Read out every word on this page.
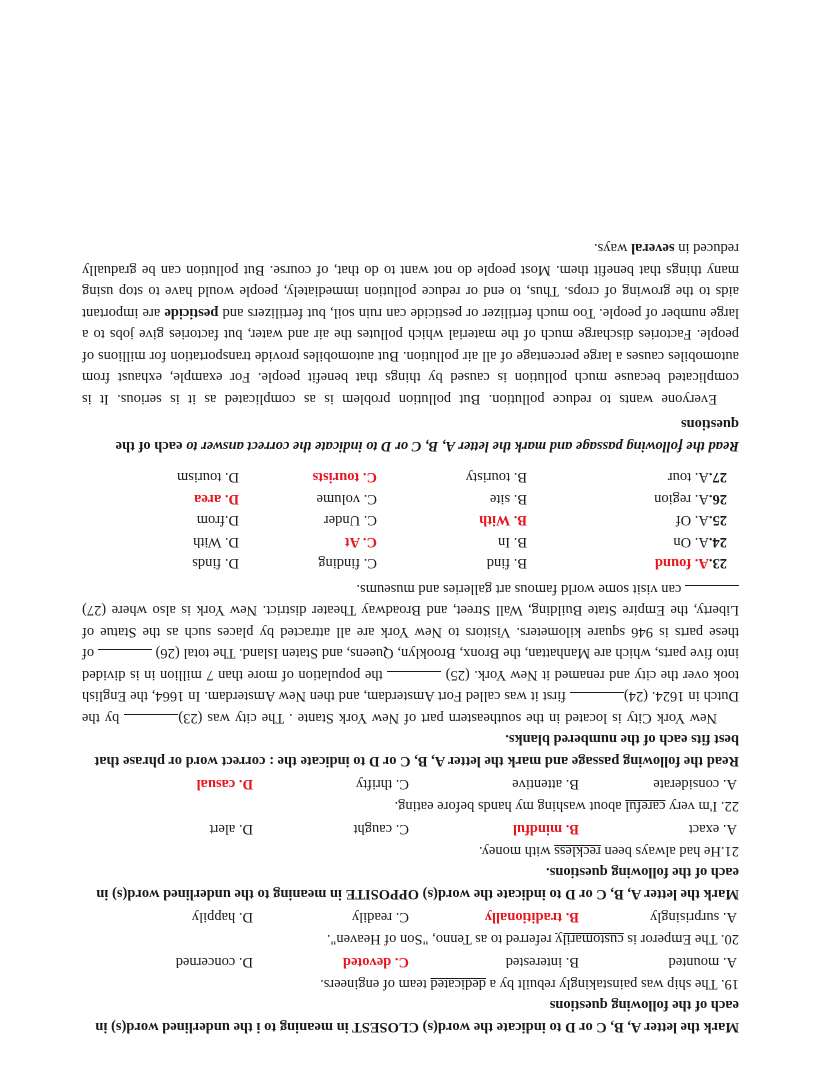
Mark the letter A, B, C or D to indicate the word(s) CLOSEST in meaning to i the underlined word(s) in each of the following questions

19. The ship was painstakingly rebuilt by a dedicated team of engineers.

A. mounted
B. interested
C. devoted
D. concerned

20. The Emperor is customarily referred to as Tenno, "Son of Heaven".

A. surprisingly
B. traditionally
C. readily
D. happily
Mark the letter A, B, C or D to indicate the word(s) OPPOSITE in meaning to the underlined word(s) in each of the following questions.

21.He had always been reckless with money.

A. exact
B. mindful
C. caught
D. alert

22. I'm very careful about washing my hands before eating.

A. considerate
B. attentive
C. thrifty
D. casual
Read the following passage and mark the letter A, B, C or D to indicate the : correct word or phrase that best fits each of the numbered blanks.

New York City is located in the southeastern part of New York Stante . The city was (23) by the Dutch in 1624. (24) first it was called Fort Amsterdam, and then New Amsterdam. In 1664, the English took over the city and renamed it New York. (25)  the population of more than 7 million in is divided into five parts, which are Manhattan, the Bronx, Brooklyn, Queens, and Staten Island. The total (26)  of these parts is 946 square kilometers. Visitors to New York are all attracted by places such as the Statue of Liberty, the Empire State Building, Wall Street, and Broadway Theater district. New York is also where (27)  can visit some world famous art galleries and museums.

23.A. found
B. find
C. finding
D. finds
24.A. On
B. In
C. At
D. With
25.A. Of
B. With
C. Under
D.from
26.A. region
B. site
C. volume
D. area
27.A. tour
B. touristy
C. tourists
D. tourism
Read the following passage and mark the letter A, B, C or D to indicate the correct answer to each of the questions

Everyone wants to reduce pollution. But pollution problem is as complicated as it is serious. It is complicated because much pollution is caused by things that benefit people. For example, exhaust from automobiles causes a large percentage of all air pollution. But automobiles provide transportation for millions of people. Factories discharge much of the material which pollutes the air and water, but factories give jobs to a large number of people. Too much fertilizer or pesticide can ruin soil, but fertilizers and pesticide are important aids to the growing of crops. Thus, to end or reduce pollution immediately, people would have to stop using many things that benefit them. Most people do not want to do that, of course. But pollution can be gradually reduced in several ways.
